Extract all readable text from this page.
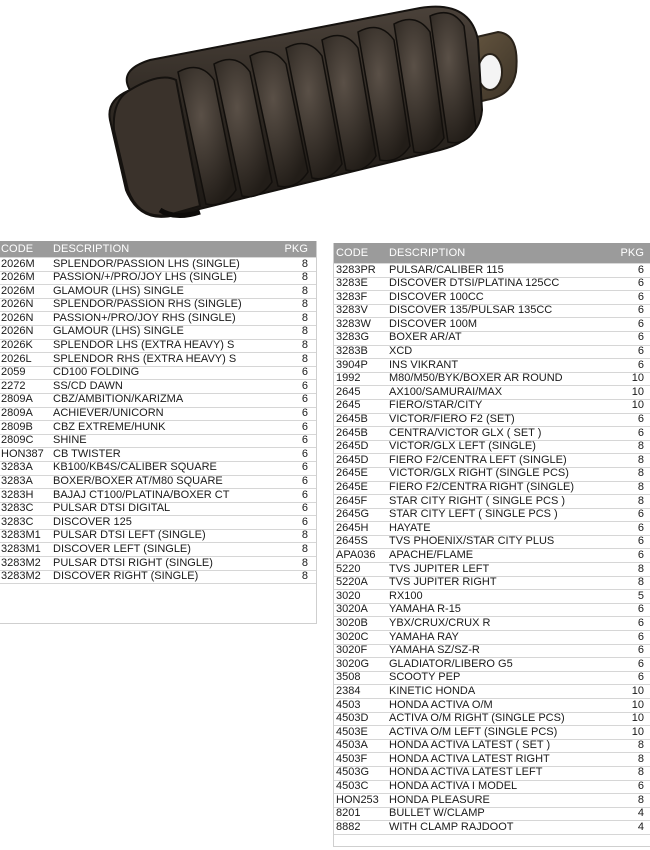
CODE	DESCRIPTION	PKG
2026M	SPLENDOR/PASSION LHS (SINGLE)	8
2026M	PASSION/+/PRO/JOY LHS (SINGLE)	8
2026M	GLAMOUR (LHS) SINGLE	8
2026N	SPLENDOR/PASSION RHS (SINGLE)	8
2026N	PASSION+/PRO/JOY RHS (SINGLE)	8
2026N	GLAMOUR (LHS) SINGLE	8
2026K	SPLENDOR LHS (EXTRA HEAVY) S	8
2026L	SPLENDOR RHS (EXTRA HEAVY) S	8
2059	CD100 FOLDING	6
2272	SS/CD DAWN	6
2809A	CBZ/AMBITION/KARIZMA	6
2809A	ACHIEVER/UNICORN	6
2809B	CBZ EXTREME/HUNK	6
2809C	SHINE	6
HON387 CB TWISTER	6
3283A	KB100/KB4S/CALIBER SQUARE	6
3283A	BOXER/BOXER AT/M80 SQUARE	6
3283H	BAJAJ CT100/PLATINA/BOXER CT	6
3283C	PULSAR DTSI DIGITAL	6
3283C	DISCOVER 125	6
3283M1	PULSAR DTSI LEFT (SINGLE)	8
3283M1	DISCOVER LEFT (SINGLE)	8
3283M2	PULSAR DTSI RIGHT (SINGLE)	8
3283M2	DISCOVER RIGHT (SINGLE)	8
CODE	DESCRIPTION	PKG
3283PR	PULSAR/CALIBER 115	6
3283E	DISCOVER DTSI/PLATINA 125CC	6
3283F	DISCOVER 100CC	6
3283V	DISCOVER 135/PULSAR 135CC	6
3283W	DISCOVER 100M	6
3283G	BOXER AR/AT	6
3283B	XCD	6
3904P	INS VIKRANT	6
1992	M80/M50/BYK/BOXER AR ROUND	10
2645	AX100/SAMURAI/MAX	10
2645	FIERO/STAR/CITY	10
2645B	VICTOR/FIERO F2 (SET)	6
2645B	CENTRA/VICTOR GLX ( SET )	6
2645D	VICTOR/GLX LEFT (SINGLE)	8
2645D	FIERO F2/CENTRA LEFT (SINGLE)	8
2645E	VICTOR/GLX RIGHT (SINGLE PCS)	8
2645E	FIERO F2/CENTRA RIGHT (SINGLE)	8
2645F	STAR CITY RIGHT ( SINGLE PCS )	8
2645G	STAR CITY LEFT ( SINGLE PCS )	6
2645H	HAYATE	6
2645S	TVS PHOENIX/STAR CITY PLUS	6
APA036	APACHE/FLAME	6
5220	TVS JUPITER LEFT	8
5220A	TVS JUPITER RIGHT	8
3020	RX100	5
3020A	YAMAHA R-15	6
3020B	YBX/CRUX/CRUX R	6
3020C	YAMAHA RAY	6
3020F	YAMAHA SZ/SZ-R	6
3020G	GLADIATOR/LIBERO G5	6
3508	SCOOTY PEP	6
2384	KINETIC HONDA	10
4503	HONDA ACTIVA O/M	10
4503D	ACTIVA O/M RIGHT (SINGLE PCS)	10
4503E	ACTIVA O/M LEFT (SINGLE PCS)	10
4503A	HONDA ACTIVA LATEST ( SET )	8
4503F	HONDA ACTIVA LATEST RIGHT	8
4503G	HONDA ACTIVA LATEST LEFT	8
4503C	HONDA ACTIVA I MODEL	6
HON253 HONDA PLEASURE	8
8201	BULLET W/CLAMP	4
8882	WITH CLAMP RAJDOOT	4
